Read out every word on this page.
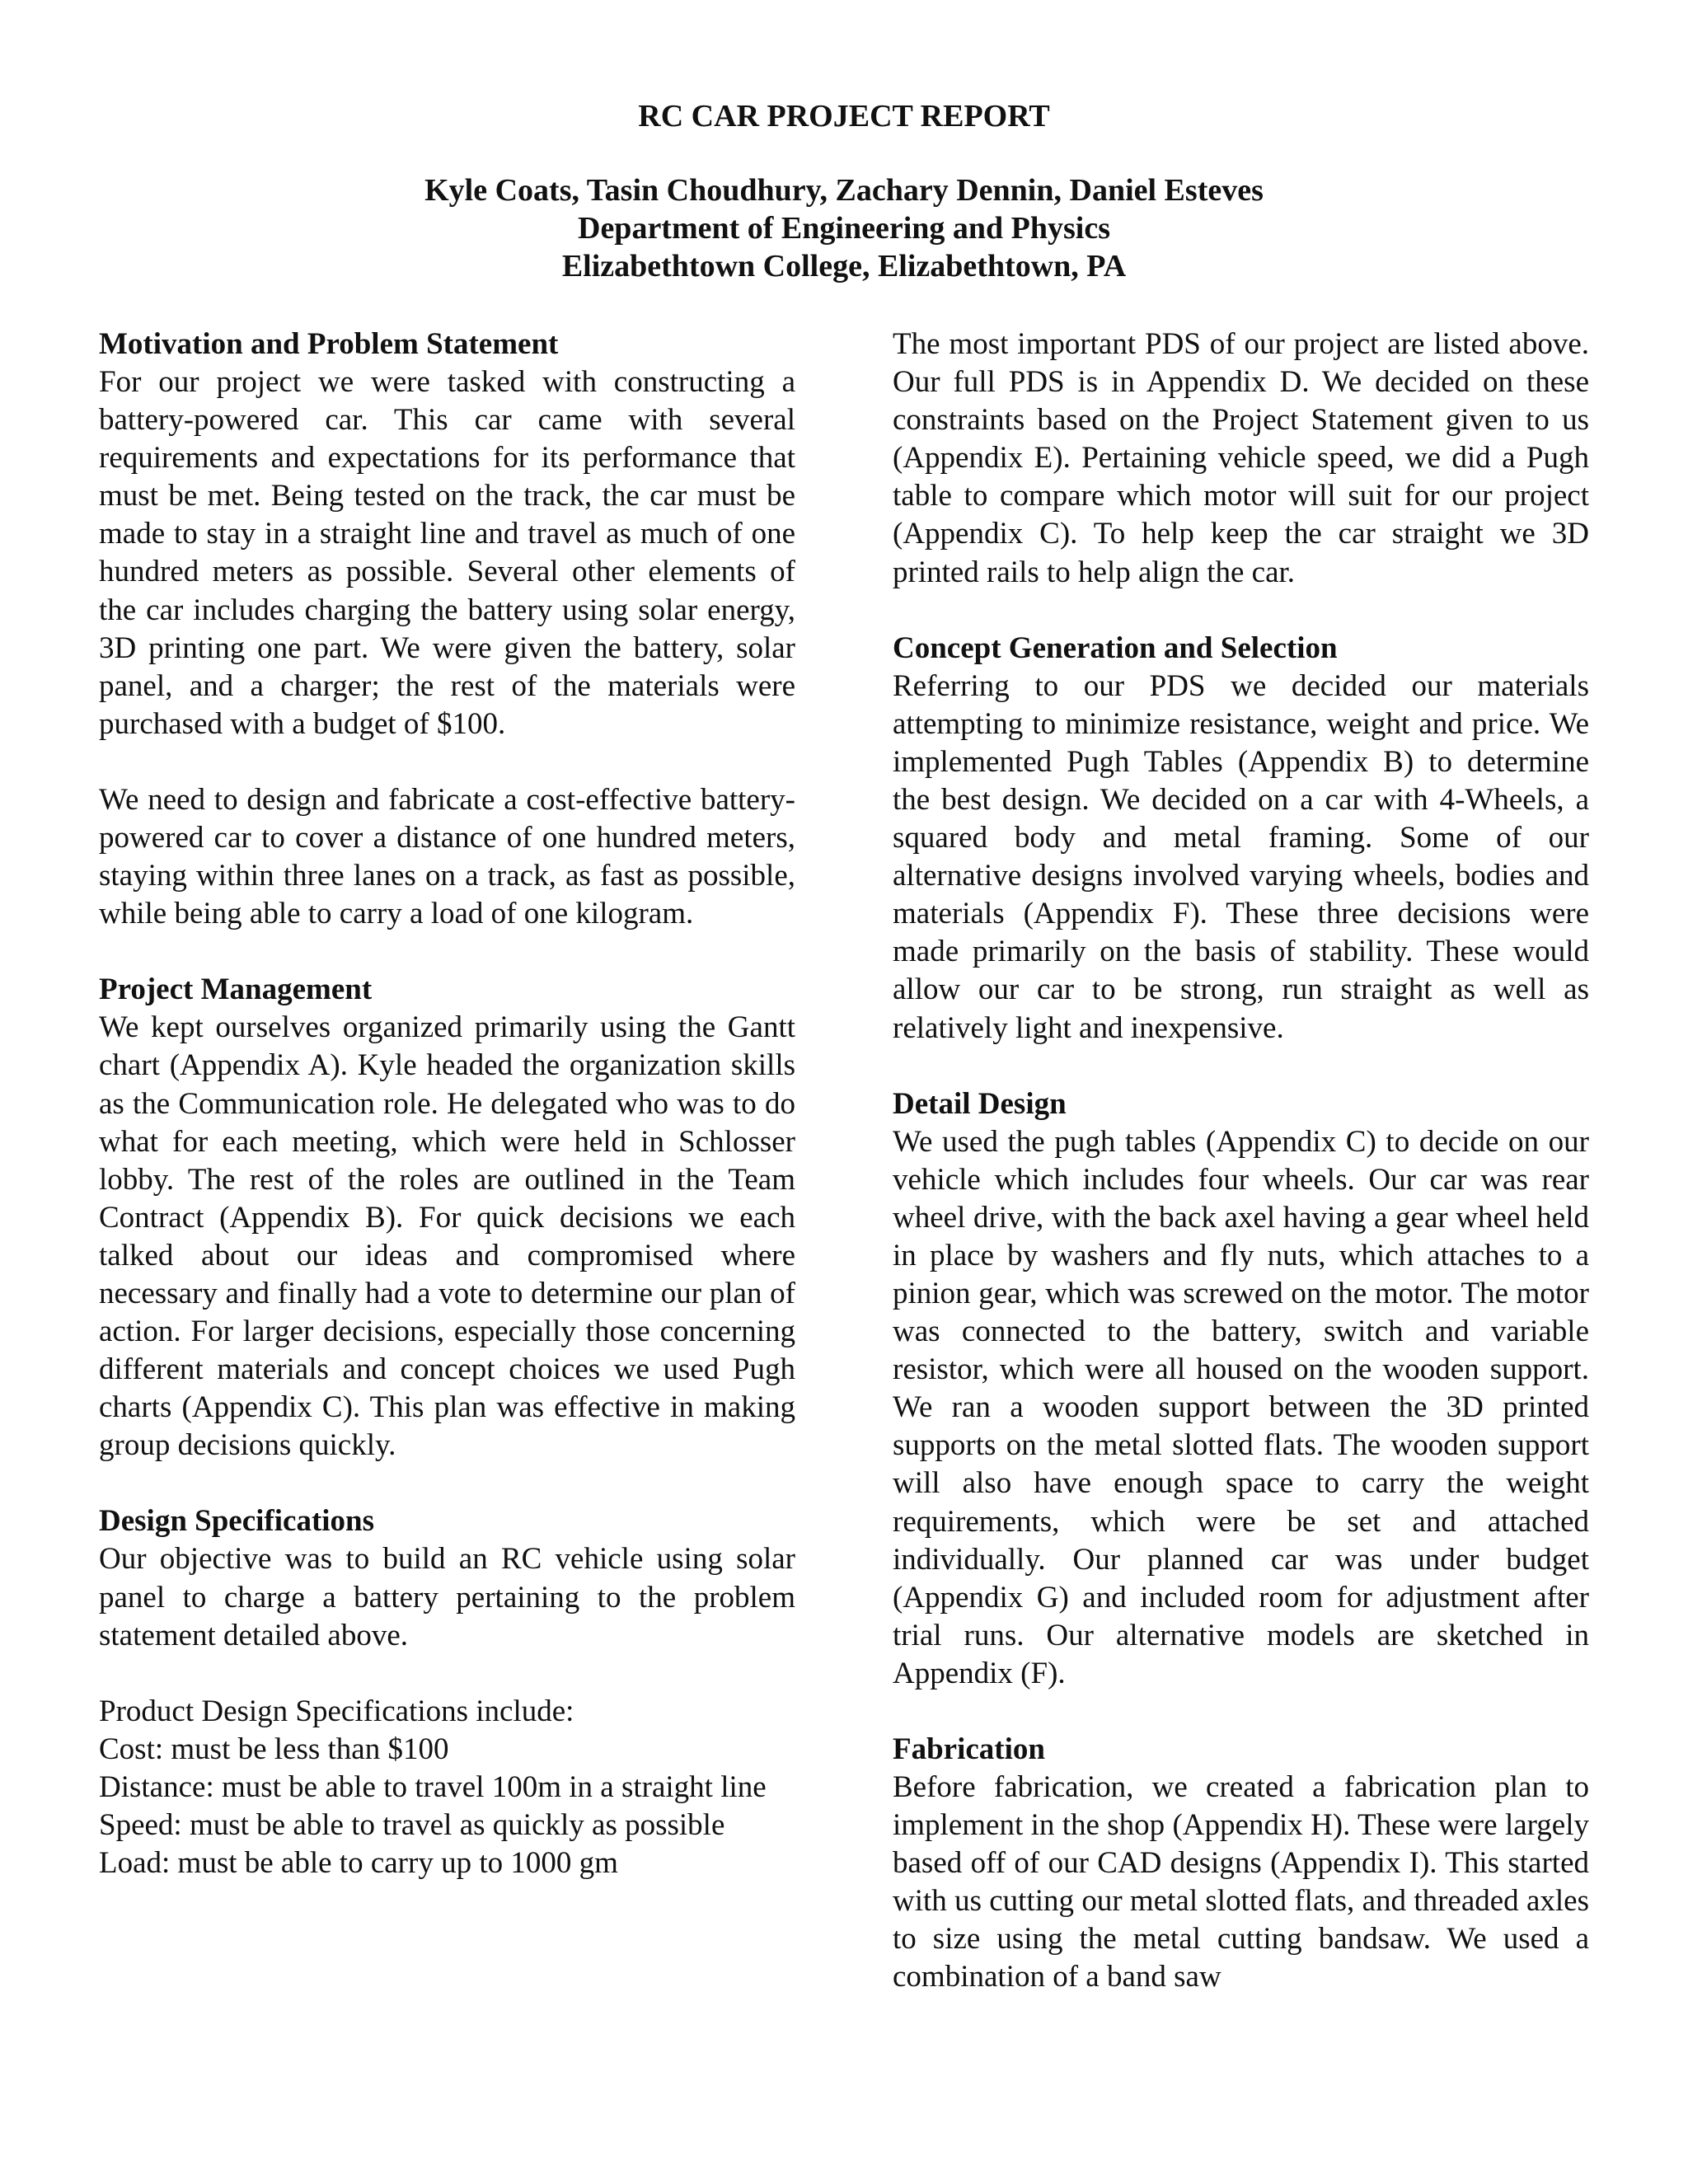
RC CAR PROJECT REPORT
Kyle Coats, Tasin Choudhury, Zachary Dennin, Daniel Esteves
Department of Engineering and Physics
Elizabethtown College, Elizabethtown, PA
Motivation and Problem Statement

For our project we were tasked with constructing a battery-powered car. This car came with several requirements and expectations for its performance that must be met. Being tested on the track, the car must be made to stay in a straight line and travel as much of one hundred meters as possible. Several other elements of the car includes charging the battery using solar energy, 3D printing one part. We were given the battery, solar panel, and a charger; the rest of the materials were purchased with a budget of $100.

We need to design and fabricate a cost-effective battery-powered car to cover a distance of one hundred meters, staying within three lanes on a track, as fast as possible, while being able to carry a load of one kilogram.

Project Management

We kept ourselves organized primarily using the Gantt chart (Appendix A). Kyle headed the organization skills as the Communication role. He delegated who was to do what for each meeting, which were held in Schlosser lobby. The rest of the roles are outlined in the Team Contract (Appendix B). For quick decisions we each talked about our ideas and compromised where necessary and finally had a vote to determine our plan of action. For larger decisions, especially those concerning different materials and concept choices we used Pugh charts (Appendix C). This plan was effective in making group decisions quickly.

Design Specifications

Our objective was to build an RC vehicle using solar panel to charge a battery pertaining to the problem statement detailed above.

Product Design Specifications include:
Cost: must be less than $100
Distance: must be able to travel 100m in a straight line
Speed: must be able to travel as quickly as possible
Load: must be able to carry up to 1000 gm

The most important PDS of our project are listed above. Our full PDS is in Appendix D. We decided on these constraints based on the Project Statement given to us (Appendix E). Pertaining vehicle speed, we did a Pugh table to compare which motor will suit for our project (Appendix C). To help keep the car straight we 3D printed rails to help align the car.

Concept Generation and Selection

Referring to our PDS we decided our materials attempting to minimize resistance, weight and price. We implemented Pugh Tables (Appendix B) to determine the best design. We decided on a car with 4-Wheels, a squared body and metal framing. Some of our alternative designs involved varying wheels, bodies and materials (Appendix F). These three decisions were made primarily on the basis of stability. These would allow our car to be strong, run straight as well as relatively light and inexpensive.

Detail Design

We used the pugh tables (Appendix C) to decide on our vehicle which includes four wheels. Our car was rear wheel drive, with the back axel having a gear wheel held in place by washers and fly nuts, which attaches to a pinion gear, which was screwed on the motor. The motor was connected to the battery, switch and variable resistor, which were all housed on the wooden support. We ran a wooden support between the 3D printed supports on the metal slotted flats. The wooden support will also have enough space to carry the weight requirements, which were be set and attached individually. Our planned car was under budget (Appendix G) and included room for adjustment after trial runs. Our alternative models are sketched in Appendix (F).

Fabrication

Before fabrication, we created a fabrication plan to implement in the shop (Appendix H). These were largely based off of our CAD designs (Appendix I). This started with us cutting our metal slotted flats, and threaded axles to size using the metal cutting bandsaw. We used a combination of a band saw
